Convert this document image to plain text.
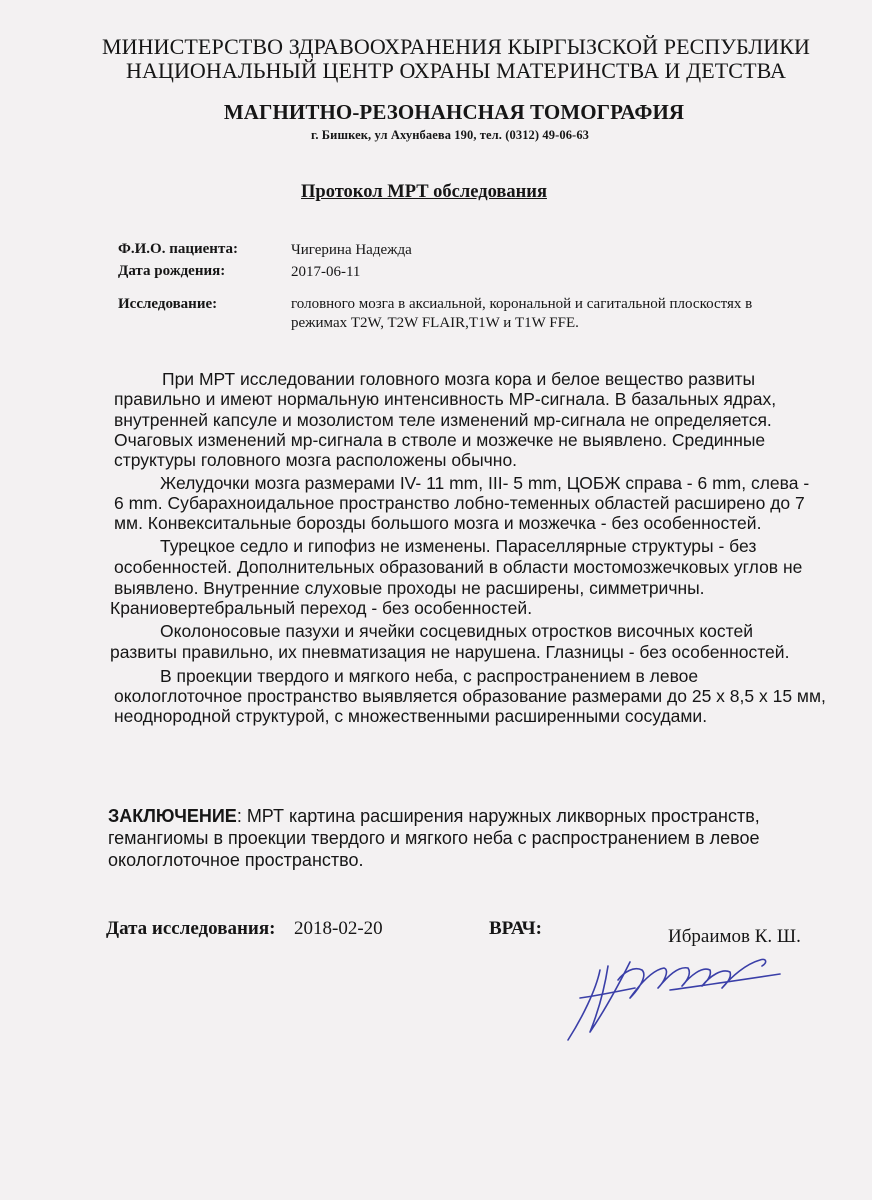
МИНИСТЕРСТВО ЗДРАВООХРАНЕНИЯ КЫРГЫЗСКОЙ РЕСПУБЛИКИ
НАЦИОНАЛЬНЫЙ ЦЕНТР ОХРАНЫ МАТЕРИНСТВА И ДЕТСТВА
МАГНИТНО-РЕЗОНАНСНАЯ ТОМОГРАФИЯ
г. Бишкек, ул Ахунбаева 190, тел. (0312) 49-06-63
Протокол МРТ обследования
Ф.И.О. пациента:	Чигерина Надежда
Дата рождения:	2017-06-11
Исследование:	головного мозга в аксиальной, корональной и сагитальной плоскостях в
режимах T2W, T2W FLAIR,T1W и T1W FFE.
При МРТ исследовании головного мозга кора и белое вещество развиты
правильно и имеют нормальную интенсивность МР-сигнала. В базальных ядрах,
внутренней капсуле и мозолистом теле изменений мр-сигнала не определяется.
Очаговых изменений мр-сигнала в стволе и мозжечке не выявлено. Срединные
структуры головного мозга расположены обычно.
Желудочки мозга размерами IV- 11 mm, III- 5 mm, ЦОБЖ справа - 6 mm, слева -
6 mm. Субарахноидальное пространство лобно-теменных областей расширено до 7
мм. Конвекситальные борозды большого мозга и мозжечка - без особенностей.
Турецкое седло и гипофиз не изменены. Параселлярные структуры - без
особенностей. Дополнительных образований в области мостомозжечковых углов не
выявлено. Внутренние слуховые проходы не расширены, симметричны.
Краниовертебральный переход - без особенностей.
Околоносовые пазухи и ячейки сосцевидных отростков височных костей
развиты правильно, их пневматизация не нарушена. Глазницы - без особенностей.
В проекции твердого и мягкого неба, с распространением в левое
окологлоточное пространство выявляется образование размерами до 25 х 8,5 х 15 мм,
неоднородной структурой, с множественными расширенными сосудами.
ЗАКЛЮЧЕНИЕ: МРТ картина расширения наружных ликворных пространств,
гемангиомы в проекции твердого и мягкого неба с распространением в левое
окологлоточное пространство.
Дата исследования: 2018-02-20	ВРАЧ:	Ибраимов К. Ш.
